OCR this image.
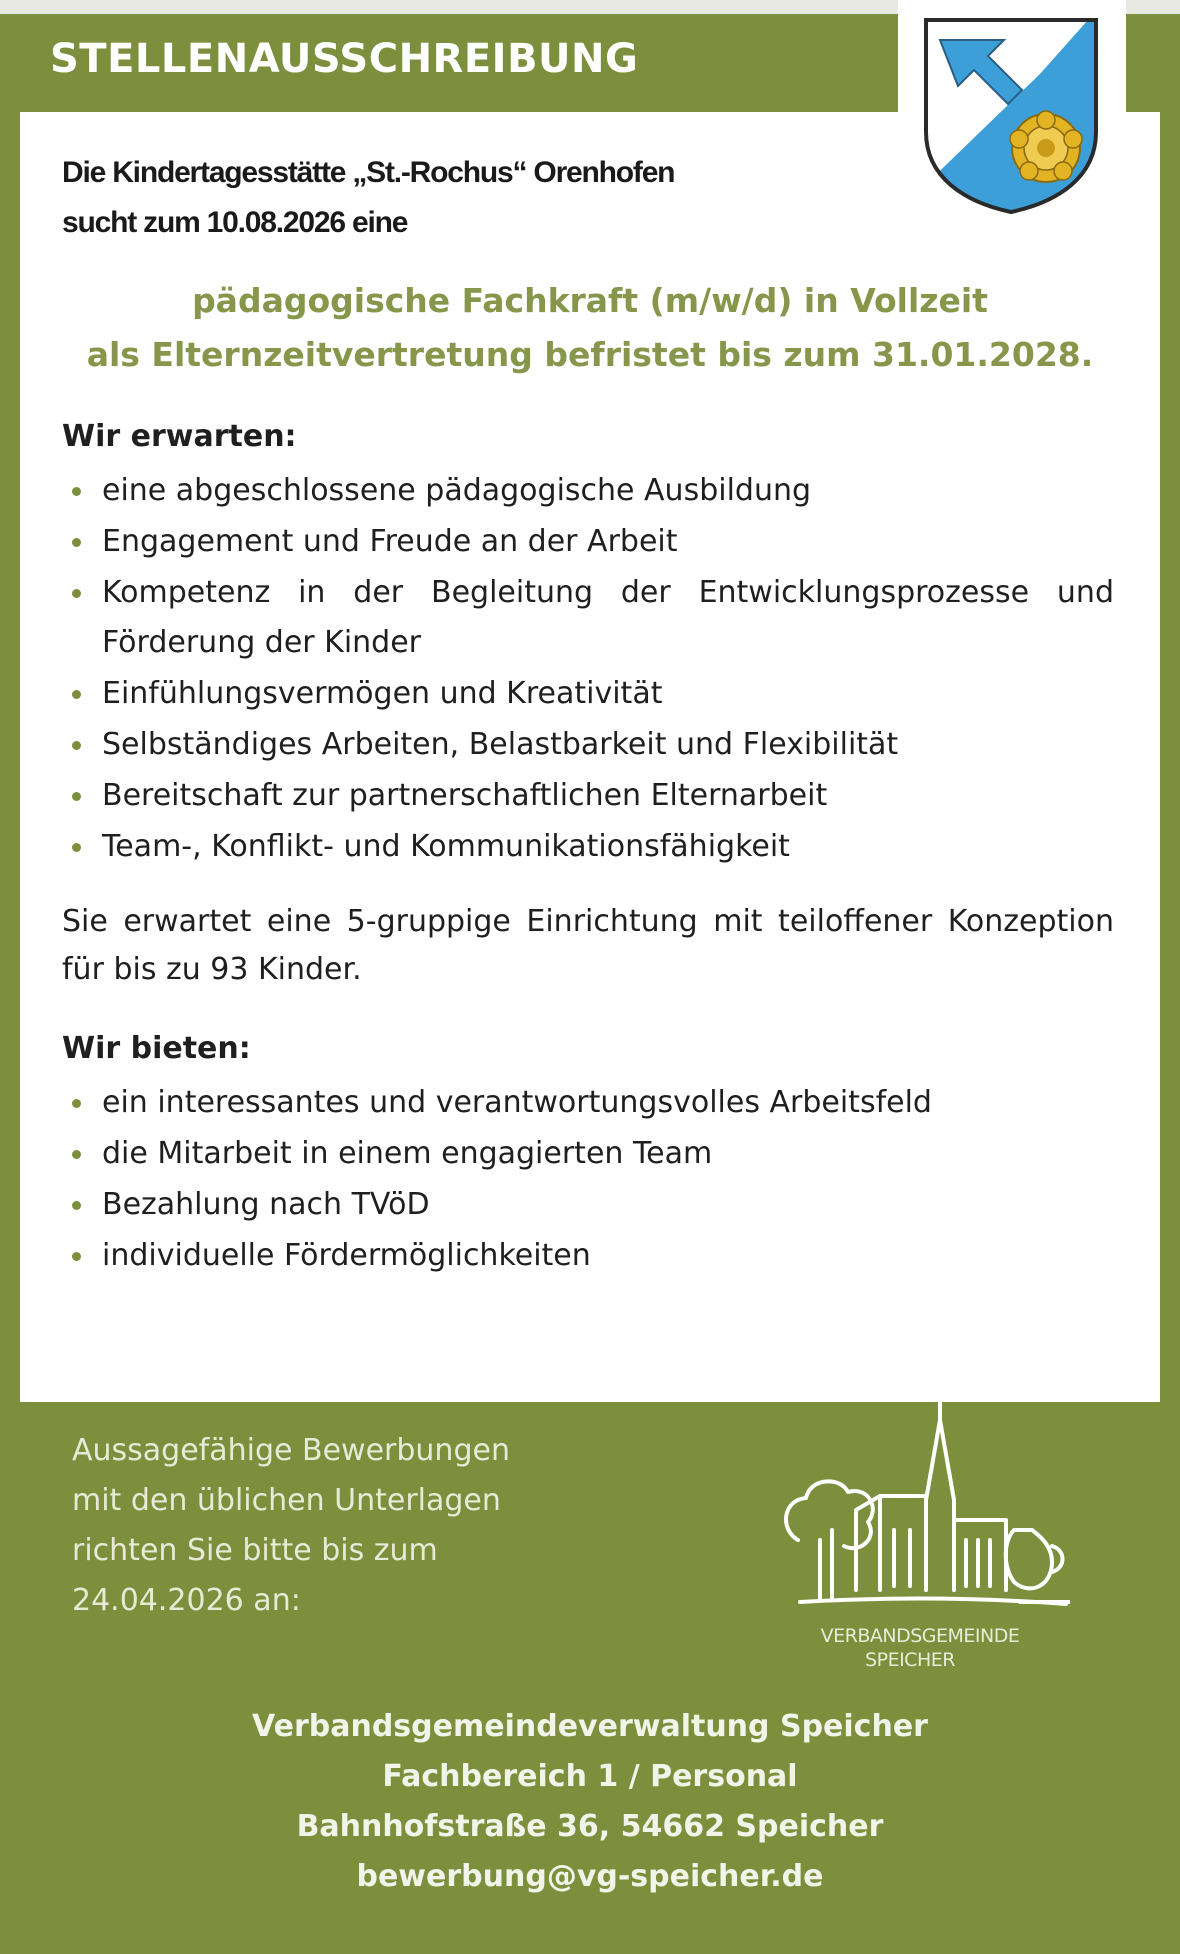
STELLENAUSSCHREIBUNG
Die Kindertagesstätte „St.-Rochus“ Orenhofen
sucht zum 10.08.2026 eine
pädagogische Fachkraft (m/w/d) in Vollzeit
als Elternzeitvertretung befristet bis zum 31.01.2028.
Wir erwarten:
eine abgeschlossene pädagogische Ausbildung
Engagement und Freude an der Arbeit
Kompetenz in der Begleitung der Entwicklungsprozesse und Förderung der Kinder
Einfühlungsvermögen und Kreativität
Selbständiges Arbeiten, Belastbarkeit und Flexibilität
Bereitschaft zur partnerschaftlichen Elternarbeit
Team-, Konflikt- und Kommunikationsfähigkeit
Sie erwartet eine 5-gruppige Einrichtung mit teiloffener Konzeption für bis zu 93 Kinder.
Wir bieten:
ein interessantes und verantwortungsvolles Arbeitsfeld
die Mitarbeit in einem engagierten Team
Bezahlung nach TVöD
individuelle Fördermöglichkeiten
Aussagefähige Bewerbungen
mit den üblichen Unterlagen
richten Sie bitte bis zum
24.04.2026 an:
VERBANDSGEMEINDE
SPEICHER
Verbandsgemeindeverwaltung Speicher
Fachbereich 1 / Personal
Bahnhofstraße 36, 54662 Speicher
bewerbung@vg-speicher.de
